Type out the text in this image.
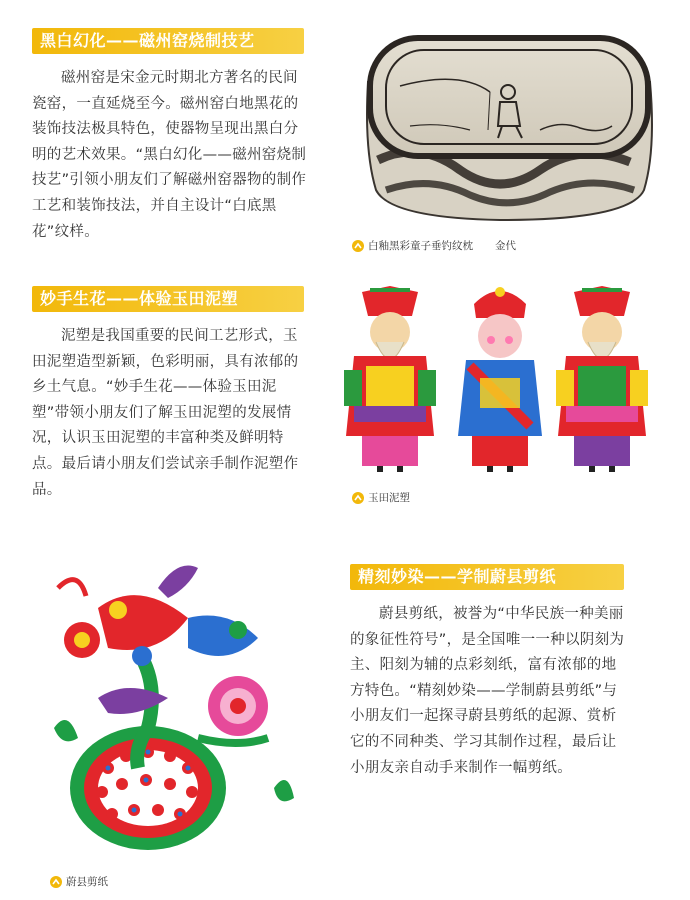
黑白幻化——磁州窑烧制技艺

磁州窑是宋金元时期北方著名的民间瓷窑，一直延烧至今。磁州窑白地黑花的装饰技法极具特色，使器物呈现出黑白分明的艺术效果。“黑白幻化——磁州窑烧制技艺”引领小朋友们了解磁州窑器物的制作工艺和装饰技法，并自主设计“白底黑花”纹样。

白釉黑彩童子垂钓纹枕 金代
妙手生花——体验玉田泥塑

泥塑是我国重要的民间工艺形式，玉田泥塑造型新颖，色彩明丽，具有浓郁的乡土气息。“妙手生花——体验玉田泥塑”带领小朋友们了解玉田泥塑的发展情况，认识玉田泥塑的丰富种类及鲜明特点。最后请小朋友们尝试亲手制作泥塑作品。

玉田泥塑
蔚县剪纸
精刻妙染——学制蔚县剪纸

蔚县剪纸，被誉为“中华民族一种美丽的象征性符号”，是全国唯一一种以阴刻为主、阳刻为辅的点彩刻纸，富有浓郁的地方特色。“精刻妙染——学制蔚县剪纸”与小朋友们一起探寻蔚县剪纸的起源、赏析它的不同种类、学习其制作过程，最后让小朋友亲自动手来制作一幅剪纸。
